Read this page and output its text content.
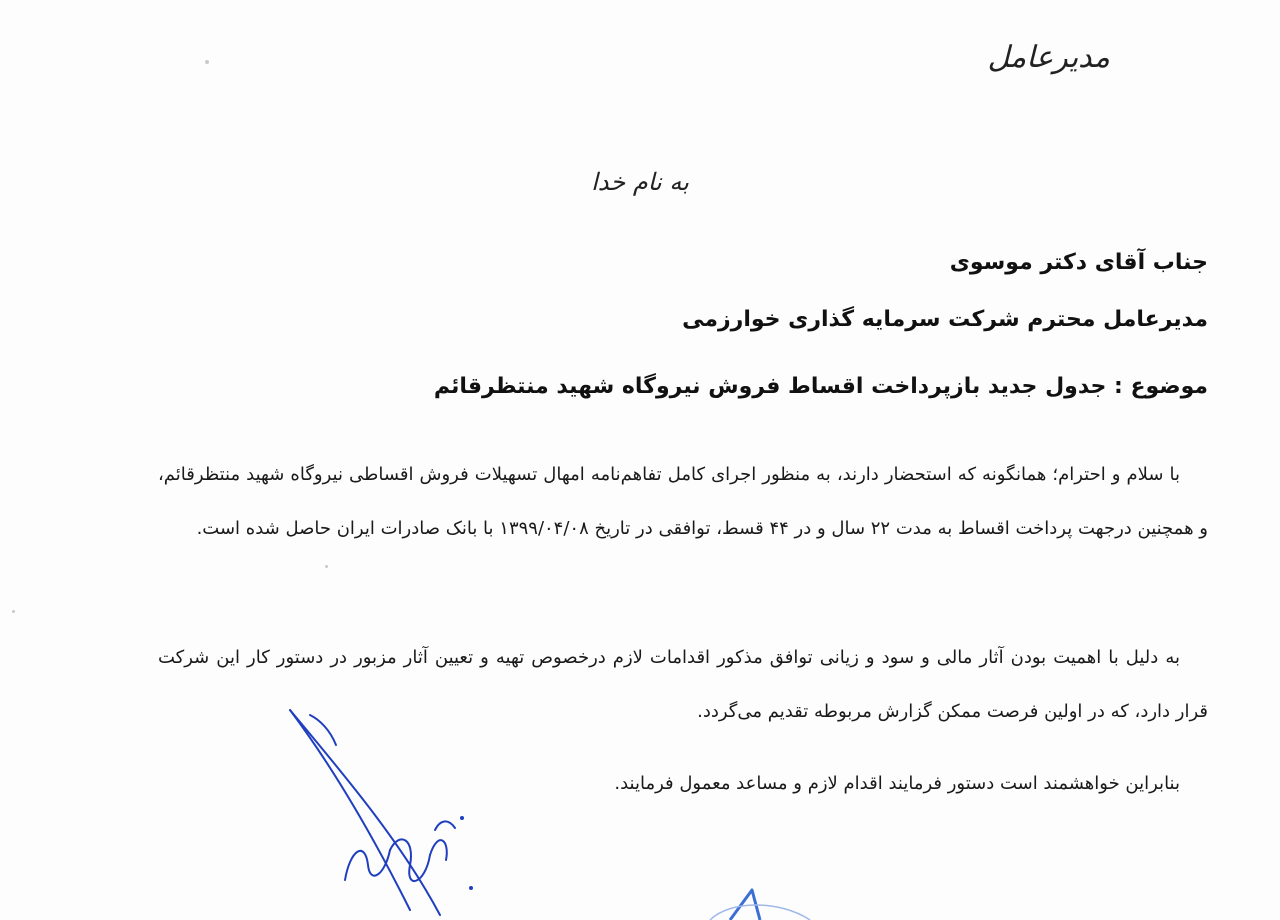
مدیرعامل
به نام خدا
جناب آقای دکتر موسوی
مدیرعامل محترم شرکت سرمایه گذاری خوارزمی
موضوع : جدول جدید بازپرداخت اقساط فروش نیروگاه شهید منتظرقائم
با سلام و احترام؛ همانگونه که استحضار دارند، به منظور اجرای کامل تفاهم‌نامه امهال تسهیلات فروش اقساطی نیروگاه شهید منتظرقائم، و همچنین درجهت پرداخت اقساط به مدت ۲۲ سال و در ۴۴ قسط، توافقی در تاریخ ۱۳۹۹/۰۴/۰۸ با بانک صادرات ایران حاصل شده است.
به دلیل با اهمیت بودن آثار مالی و سود و زیانی توافق مذکور اقدامات لازم درخصوص تهیه و تعیین آثار مزبور در دستور کار این شرکت قرار دارد، که در اولین فرصت ممکن گزارش مربوطه تقدیم می‌گردد.
بنابراین خواهشمند است دستور فرمایند اقدام لازم و مساعد معمول فرمایند.
